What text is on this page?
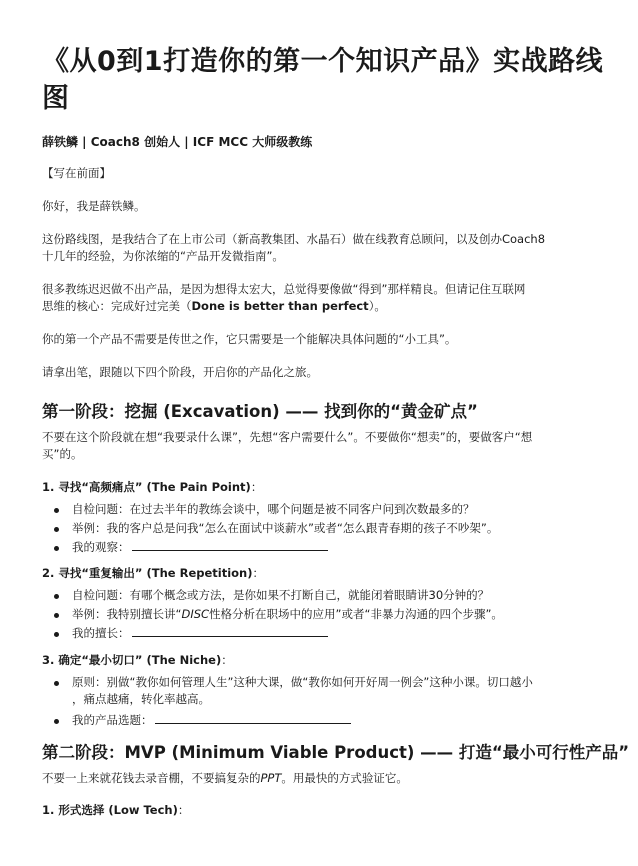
《从0到1打造你的第一个知识产品》实战路线
图
薛铁鳞 | Coach8 创始人 | ICF MCC 大师级教练
【写在前面】
你好，我是薛铁鳞。
这份路线图，是我结合了在上市公司（新高教集团、水晶石）做在线教育总顾问，以及创办Coach8
十几年的经验，为你浓缩的“产品开发微指南”。
很多教练迟迟做不出产品，是因为想得太宏大，总觉得要像做“得到”那样精良。但请记住互联网
思维的核心：完成好过完美（Done is better than perfect）。
你的第一个产品不需要是传世之作，它只需要是一个能解决具体问题的“小工具”。
请拿出笔，跟随以下四个阶段，开启你的产品化之旅。
第一阶段：挖掘 (Excavation) —— 找到你的“黄金矿点”
不要在这个阶段就在想“我要录什么课”，先想“客户需要什么”。不要做你“想卖”的，要做客户“想
买”的。
1. 寻找“高频痛点” (The Pain Point)：
自检问题：在过去半年的教练会谈中，哪个问题是被不同客户问到次数最多的？
举例：我的客户总是问我“怎么在面试中谈薪水”或者“怎么跟青春期的孩子不吵架”。
我的观察：
2. 寻找“重复输出” (The Repetition)：
自检问题：有哪个概念或方法，是你如果不打断自己，就能闭着眼睛讲30分钟的？
举例：我特别擅长讲“DISC性格分析在职场中的应用”或者“非暴力沟通的四个步骤”。
我的擅长：
3. 确定“最小切口” (The Niche)：
原则：别做“教你如何管理人生”这种大课，做“教你如何开好周一例会”这种小课。切口越小
，痛点越痛，转化率越高。
我的产品选题：
第二阶段：MVP (Minimum Viable Product) —— 打造“最小可行性产品”
不要一上来就花钱去录音棚，不要搞复杂的PPT。用最快的方式验证它。
1. 形式选择 (Low Tech)：
